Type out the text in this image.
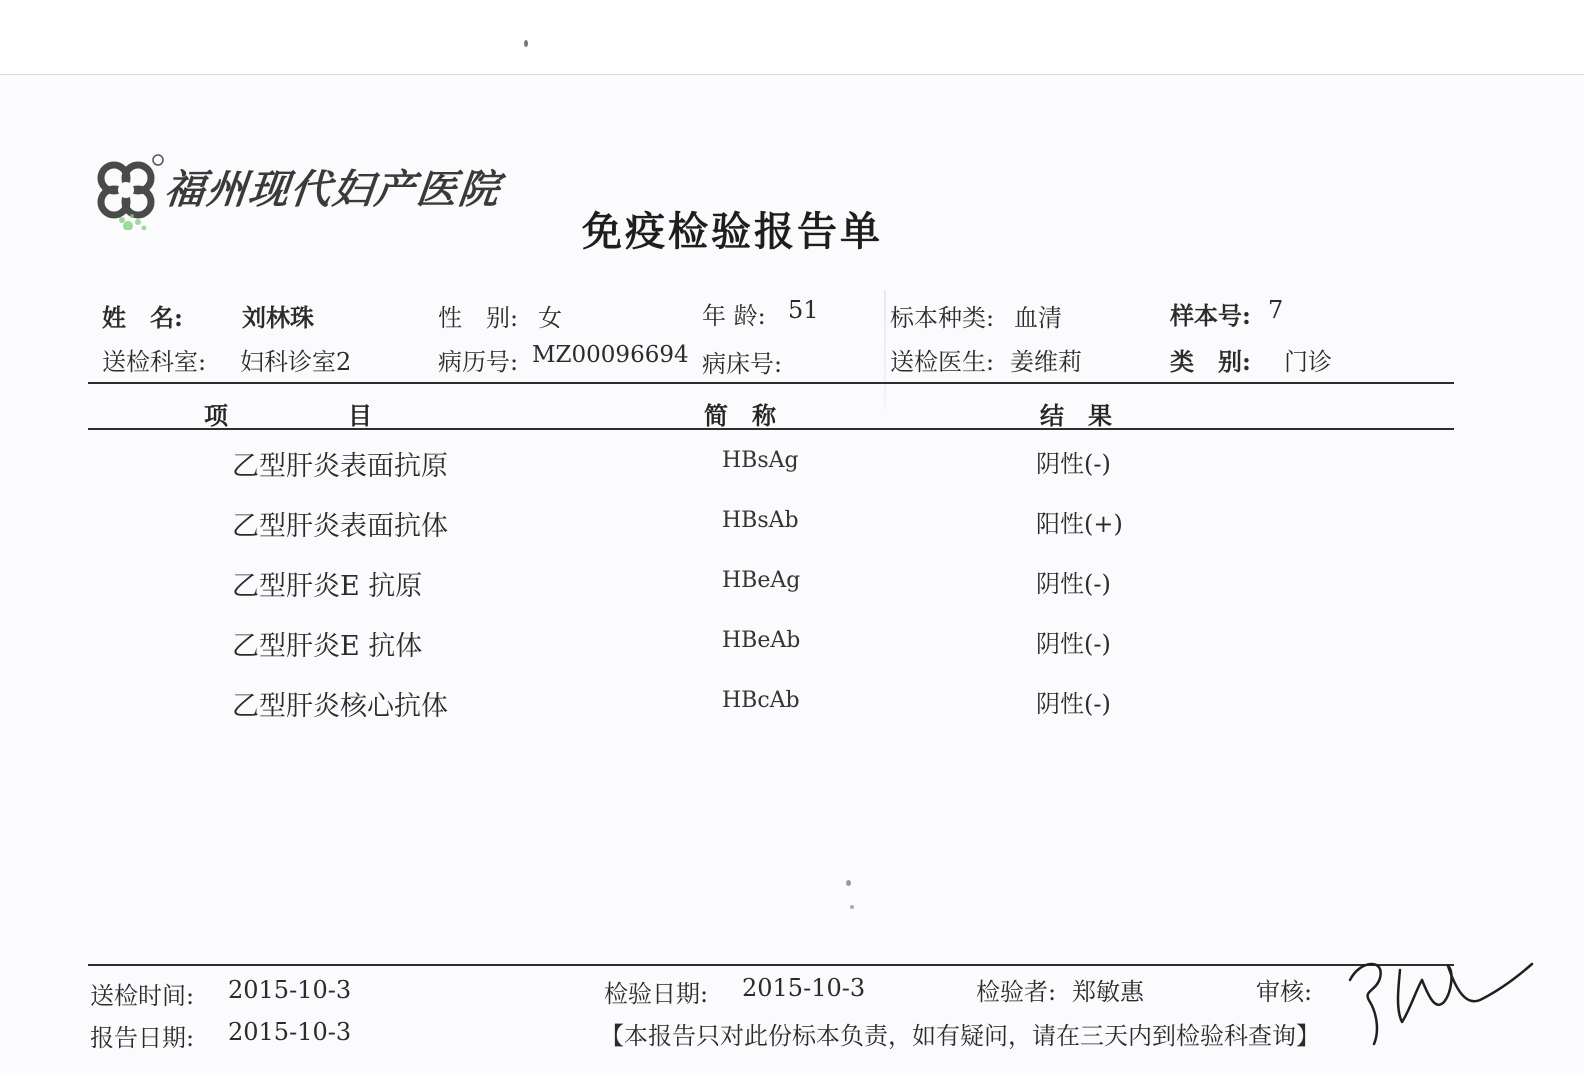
福州现代妇产医院
免疫检验报告单
姓　名: 刘林珠	性　别: 女	年 龄: 51	标本种类: 血清	样本号: 7
送检科室: 妇科诊室2	病历号: MZ00096694 病床号:	送检医生: 姜维莉	类　别: 门诊
项　　　　　目	简　称	结　果
乙型肝炎表面抗原	HBsAg	阴性(-)
乙型肝炎表面抗体	HBsAb	阳性(+)
乙型肝炎E 抗原	HBeAg	阴性(-)
乙型肝炎E 抗体	HBeAb	阴性(-)
乙型肝炎核心抗体	HBcAb	阴性(-)
送检时间: 2015-10-3	检验日期: 2015-10-3	检验者: 郑敏惠	审核:
报告日期: 2015-10-3	【本报告只对此份标本负责，如有疑问，请在三天内到检验科查询】
